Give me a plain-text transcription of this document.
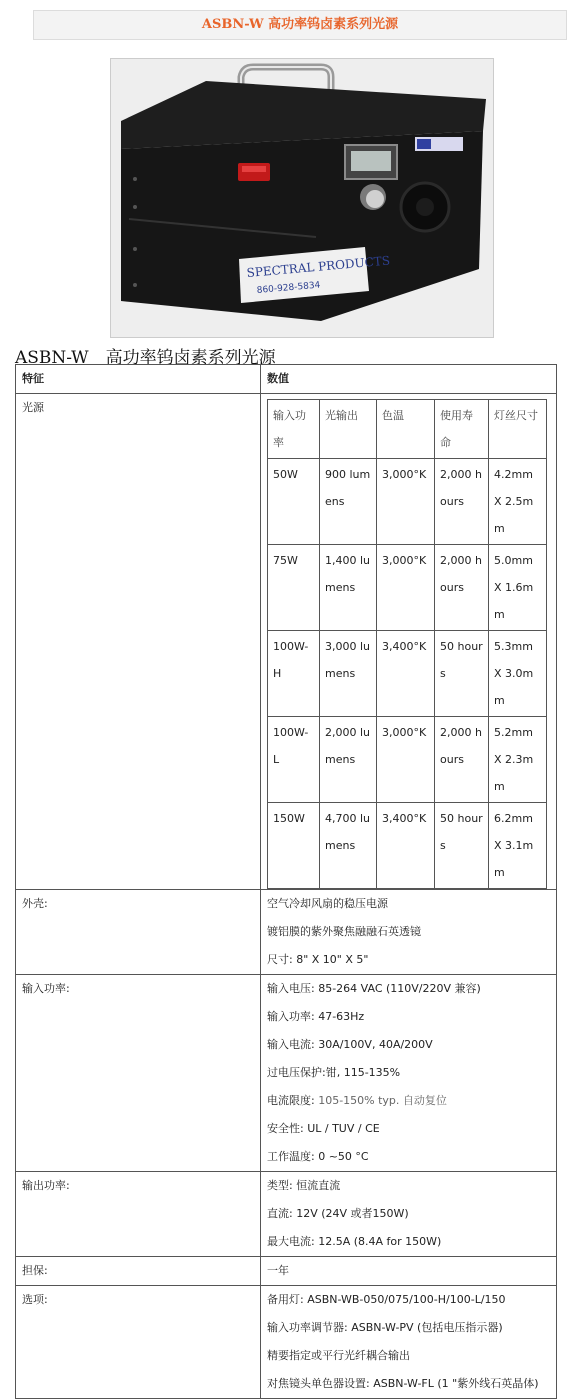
ASBN-W 高功率钨卤素系列光源
SPECTRAL PRODUCTS
860-928-5834
ASBN-W　高功率钨卤素系列光源
特征	数值

光源

输入功率	光输出	色温	使用寿命	灯丝尺寸
50W	900 lumens	3,000°K	2,000 hours	4.2mm X 2.5mm
75W	1,400 lumens	3,000°K	2,000 hours	5.0mm X 1.6mm
100W-H	3,000 lumens	3,400°K	50 hours	5.3mm X 3.0mm
100W-L	2,000 lumens	3,000°K	2,000 hours	5.2mm X 2.3mm
150W	4,700 lumens	3,400°K	50 hours	6.2mm X 3.1mm

外壳:	空气冷却风扇的稳压电源
镀铝膜的紫外聚焦融融石英透镜
尺寸: 8" X 10" X 5"

输入功率:	输入电压: 85-264 VAC (110V/220V 兼容)
输入功率: 47-63Hz
输入电流: 30A/100V, 40A/200V
过电压保护:钳, 115-135%
电流限度: 105-150% typ. 自动复位
安全性: UL / TUV / CE
工作温度: 0 ~50 °C

输出功率:	类型: 恒流直流
直流: 12V (24V 或者150W)
最大电流: 12.5A (8.4A for 150W)

担保:	一年

选项:	备用灯: ASBN-WB-050/075/100-H/100-L/150
输入功率调节器: ASBN-W-PV (包括电压指示器)
精要指定或平行光纤耦合输出
对焦镜头单色器设置: ASBN-W-FL (1 "紫外线石英晶体)
